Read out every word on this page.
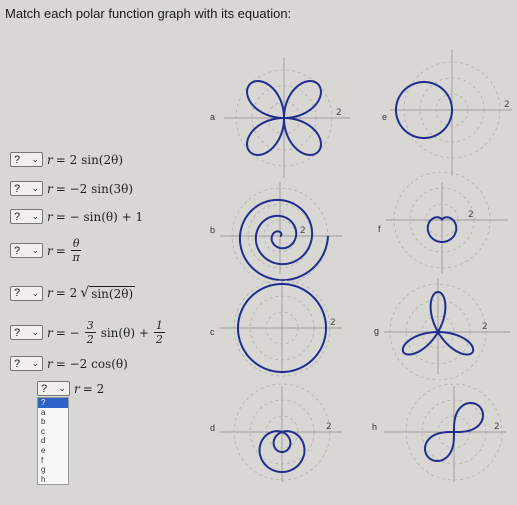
Match each polar function graph with its equation:
? ⌄ r = 2 sin(2θ)
? ⌄ r = −2 sin(3θ)
? ⌄ r = − sin(θ) + 1
? ⌄ $r = \frac{\theta}{\pi}$
? ⌄ r = 2 √ sin(2θ)
? ⌄ r = − $\frac{3}{2} \sin(\theta) + \frac{1}{2}$
? ⌄ r = −2 cos(θ)
? ⌄ r = 2
?
a
b
c
d
e
f
g
h
a
b
c
d
e
f
g
h
2
2
2
2
2
2
2
2
